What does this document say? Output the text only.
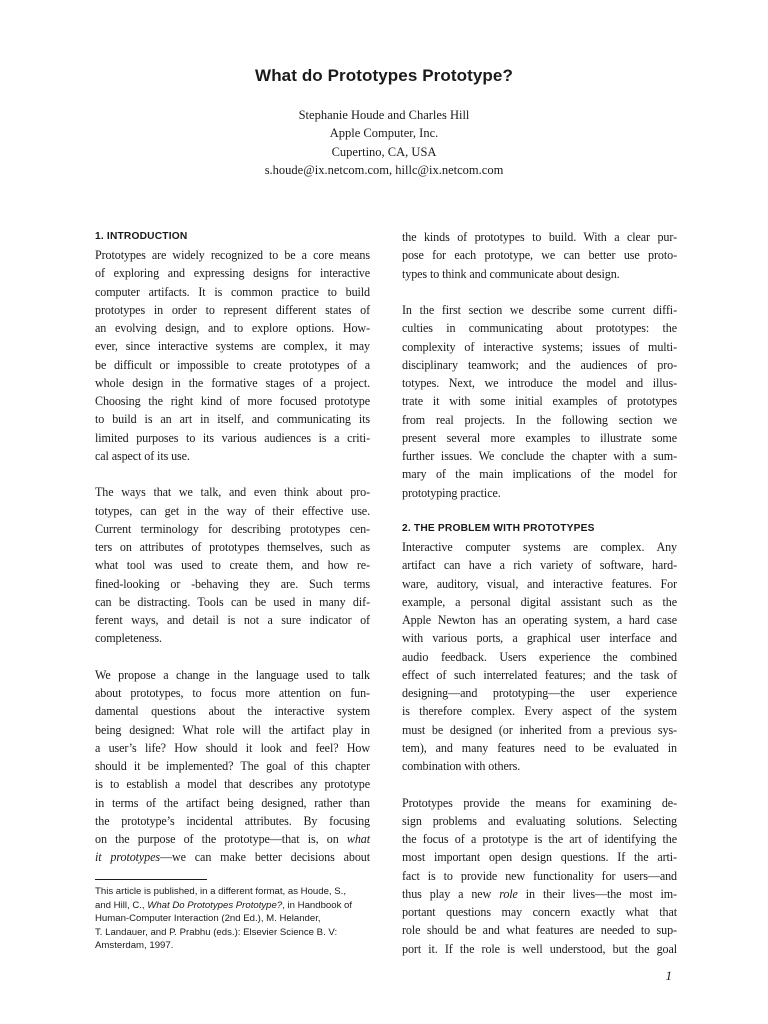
What do Prototypes Prototype?
Stephanie Houde and Charles Hill
Apple Computer, Inc.
Cupertino, CA, USA
s.houde@ix.netcom.com, hillc@ix.netcom.com
1. INTRODUCTION
Prototypes are widely recognized to be a core means
of exploring and expressing designs for interactive
computer artifacts. It is common practice to build
prototypes in order to represent different states of
an evolving design, and to explore options. How-
ever, since interactive systems are complex, it may
be difficult or impossible to create prototypes of a
whole design in the formative stages of a project.
Choosing the right kind of more focused prototype
to build is an art in itself, and communicating its
limited purposes to its various audiences is a criti-
cal aspect of its use.
The ways that we talk, and even think about pro-
totypes, can get in the way of their effective use.
Current terminology for describing prototypes cen-
ters on attributes of prototypes themselves, such as
what tool was used to create them, and how re-
fined-looking or -behaving they are. Such terms
can be distracting. Tools can be used in many dif-
ferent ways, and detail is not a sure indicator of
completeness.
We propose a change in the language used to talk
about prototypes, to focus more attention on fun-
damental questions about the interactive system
being designed: What role will the artifact play in
a user’s life? How should it look and feel? How
should it be implemented? The goal of this chapter
is to establish a model that describes any prototype
in terms of the artifact being designed, rather than
the prototype’s incidental attributes. By focusing
on the purpose of the prototype—that is, on what
it prototypes—we can make better decisions about
This article is published, in a different format, as Houde, S.,
and Hill, C., What Do Prototypes Prototype?, in Handbook of
Human-Computer Interaction (2nd Ed.), M. Helander,
T. Landauer, and P. Prabhu (eds.): Elsevier Science B. V:
Amsterdam, 1997.
the kinds of prototypes to build. With a clear pur-
pose for each prototype, we can better use proto-
types to think and communicate about design.
In the first section we describe some current diffi-
culties in communicating about prototypes: the
complexity of interactive systems; issues of multi-
disciplinary teamwork; and the audiences of pro-
totypes. Next, we introduce the model and illus-
trate it with some initial examples of prototypes
from real projects. In the following section we
present several more examples to illustrate some
further issues. We conclude the chapter with a sum-
mary of the main implications of the model for
prototyping practice.
2. THE PROBLEM WITH PROTOTYPES
Interactive computer systems are complex. Any
artifact can have a rich variety of software, hard-
ware, auditory, visual, and interactive features. For
example, a personal digital assistant such as the
Apple Newton has an operating system, a hard case
with various ports, a graphical user interface and
audio feedback. Users experience the combined
effect of such interrelated features; and the task of
designing—and prototyping—the user experience
is therefore complex. Every aspect of the system
must be designed (or inherited from a previous sys-
tem), and many features need to be evaluated in
combination with others.
Prototypes provide the means for examining de-
sign problems and evaluating solutions. Selecting
the focus of a prototype is the art of identifying the
most important open design questions. If the arti-
fact is to provide new functionality for users—and
thus play a new role in their lives—the most im-
portant questions may concern exactly what that
role should be and what features are needed to sup-
port it. If the role is well understood, but the goal
1
